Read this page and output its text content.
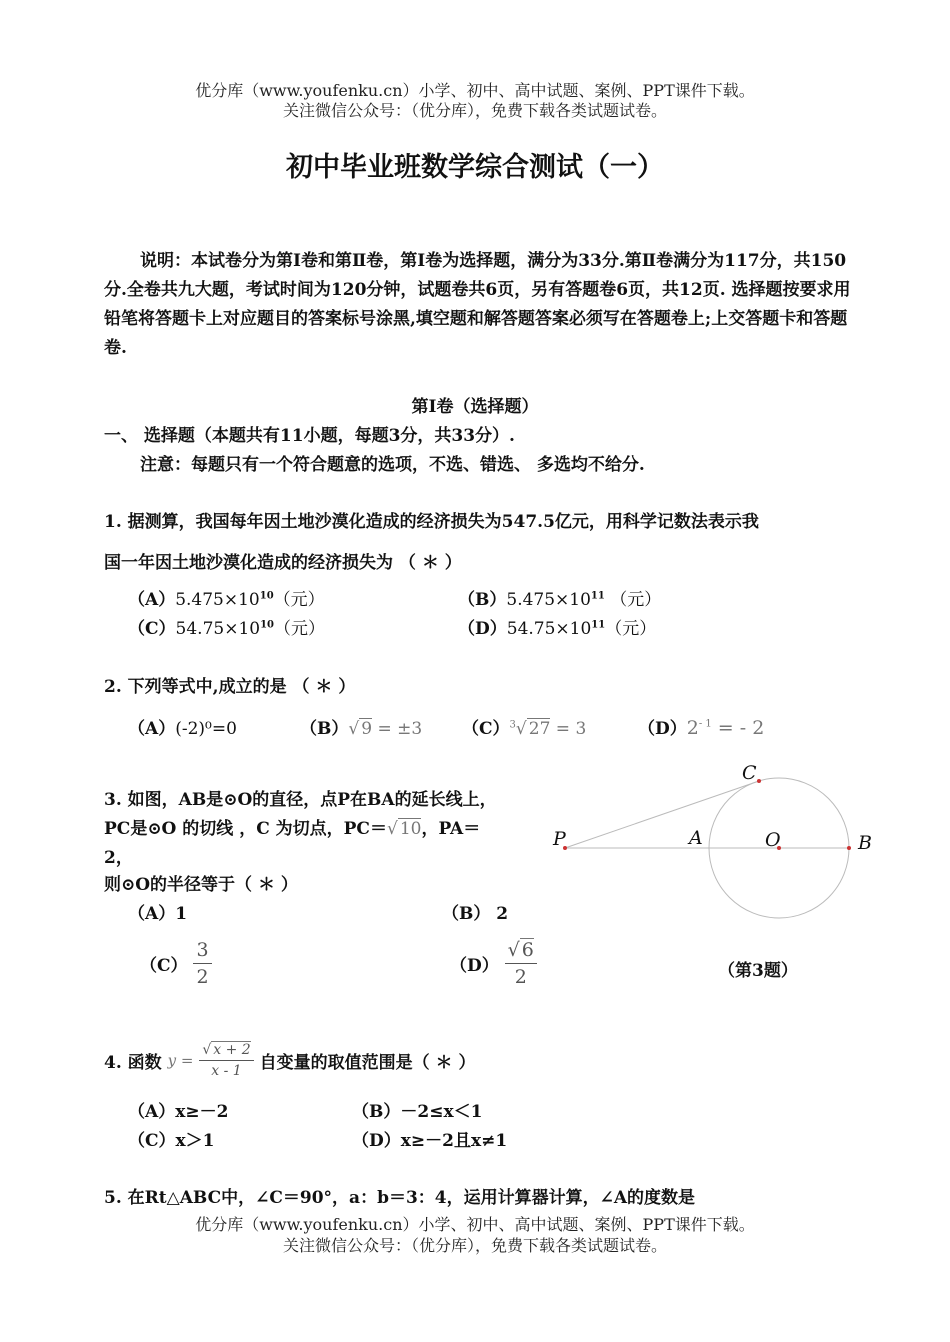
优分库（www.youfenku.cn）小学、初中、高中试题、案例、PPT课件下载。
关注微信公众号：（优分库），免费下载各类试题试卷。
初中毕业班数学综合测试（一）
说明：本试卷分为第Ⅰ卷和第Ⅱ卷，第Ⅰ卷为选择题，满分为33分.第Ⅱ卷满分为117分，共150分.全卷共九大题，考试时间为120分钟，试题卷共6页，另有答题卷6页，共12页. 选择题按要求用铅笔将答题卡上对应题目的答案标号涂黑,填空题和解答题答案必须写在答题卷上;上交答题卡和答题卷.
第Ⅰ卷（选择题）
一、 选择题（本题共有11小题，每题3分，共33分）.
注意：每题只有一个符合题意的选项，不选、错选、 多选均不给分.
1. 据测算，我国每年因土地沙漠化造成的经济损失为547.5亿元，用科学记数法表示我
国一年因土地沙漠化造成的经济损失为 （ ＊ ）
$(A)5.475\times 10^{10}$（元）	$(B)5.475\times 10^{11}$ （元）
$(C)54.75\times 10^{10}$（元）	$(D)54.75\times 10^{11}$（元）
2. 下列等式中,成立的是 （ ＊ ）
（A）(-2)⁰=0	（B）√ 9 = ±3 $(C)^3√$ 27 = 3	$(D)2^{- 1}$ = - 2
3. 如图，AB是⊙O的直径，点P在BA的延长线上，
PC是⊙O 的切线 ，C 为切点，PC＝√ 10，PA＝
2，
则⊙O的半径等于（ ＊ ）
（A）1	（B） 2
$(C) \frac{3}{2}$	$(D) \frac{√ 6}{2}$	（第3题）
C
P	A	O	B
4. 函数 $y = \frac{√ x + 2}{x - 1}$ 自变量的取值范围是（ ＊ ）
（A）x≥－2	（B）－2≤x＜1
（C）x＞1	（D）x≥－2且x≠1
5. 在Rt△ABC中，∠C＝90°，a：b＝3：4，运用计算器计算，∠A的度数是
优分库（www.youfenku.cn）小学、初中、高中试题、案例、PPT课件下载。
关注微信公众号：（优分库），免费下载各类试题试卷。
